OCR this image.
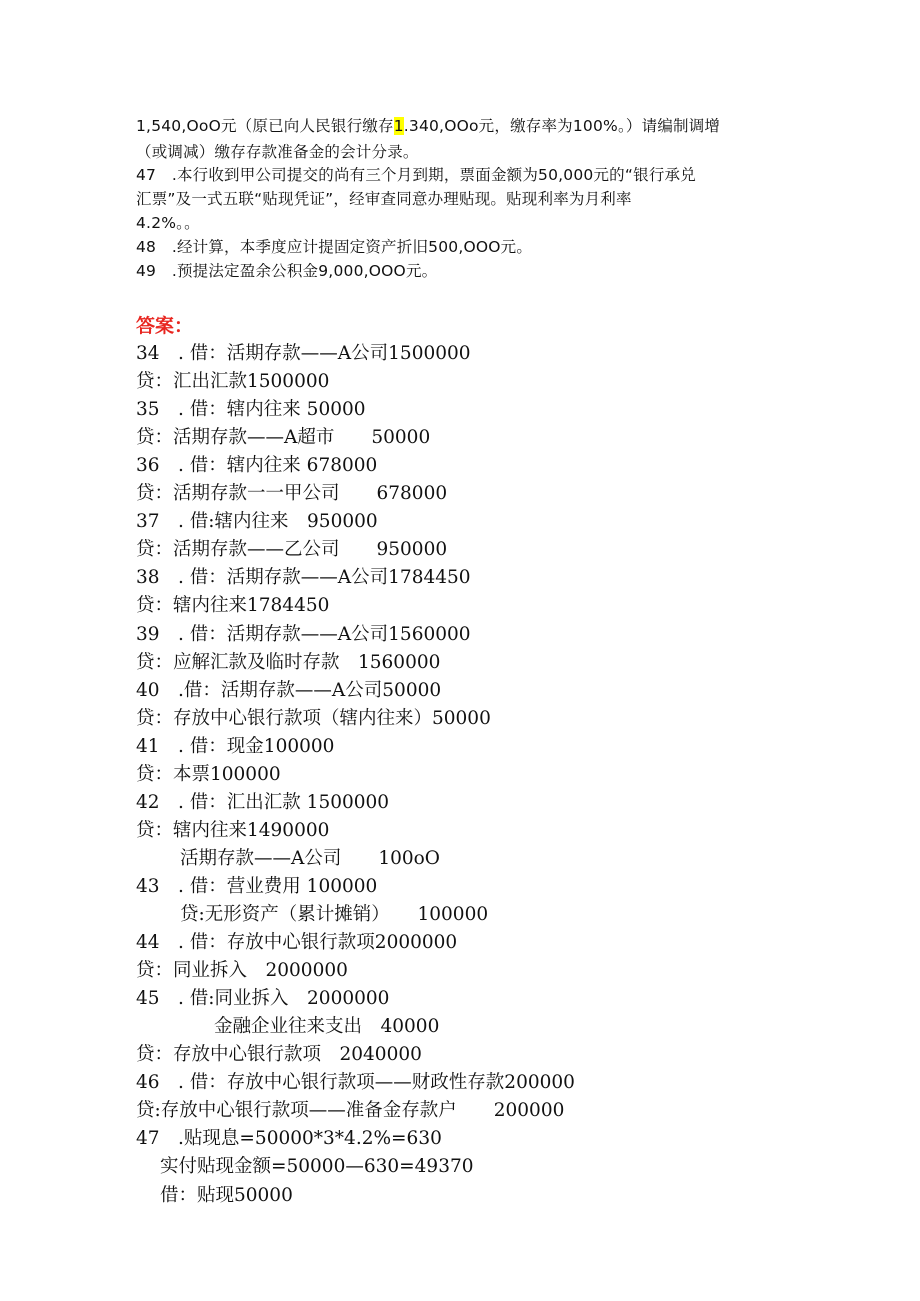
1,540,OoO元（原已向人民银行缴存1.340,OOo元，缴存率为100%。）请编制调增
（或调减）缴存存款准备金的会计分录。
47　.本行收到甲公司提交的尚有三个月到期，票面金额为50,000元的“银行承兑
汇票”及一式五联“贴现凭证”，经审查同意办理贴现。贴现利率为月利率
4.2%。。
48　.经计算，本季度应计提固定资产折旧500,OOO元。
49　.预提法定盈余公积金9,000,OOO元。
答案：
34　. 借：活期存款——A公司1500000
贷：汇出汇款1500000
35　. 借：辖内往来 50000
贷：活期存款——A超市　　50000
36　. 借：辖内往来 678000
贷：活期存款一一甲公司　　678000
37　. 借:辖内往来　950000
贷：活期存款——乙公司　　950000
38　. 借：活期存款——A公司1784450
贷：辖内往来1784450
39　. 借：活期存款——A公司1560000
贷：应解汇款及临时存款　1560000
40　.借：活期存款——A公司50000
贷：存放中心银行款项（辖内往来）50000
41　. 借：现金100000
贷：本票100000
42　. 借：汇出汇款 1500000
贷：辖内往来1490000
活期存款——A公司　　100oO
43　. 借：营业费用 100000
贷:无形资产（累计摊销）　　100000
44　. 借：存放中心银行款项2000000
贷：同业拆入　2000000
45　. 借:同业拆入　2000000
金融企业往来支出　40000
贷：存放中心银行款项　2040000
46　. 借：存放中心银行款项——财政性存款200000
贷:存放中心银行款项——准备金存款户　　200000
47　.贴现息=50000*3*4.2%=630
实付贴现金额=50000—630=49370
借：贴现50000
